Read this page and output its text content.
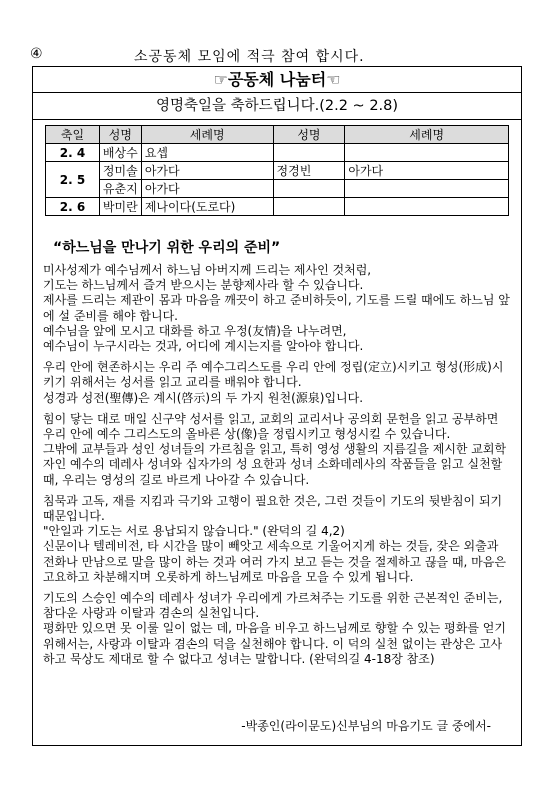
④	소공동체 모임에 적극 참여 합시다.
☞공동체 나눔터☜
영명축일을 축하드립니다.(2.2 ~ 2.8)
축일	성명	세례명	성명	세례명
2. 4	배상수	요셉		
2. 5	정미솔	아가다	정경빈	아가다
	유춘지	아가다		
2. 6	박미란	제나이다(도로다)		
“하느님을 만나기 위한 우리의 준비”

미사성제가 예수님께서 하느님 아버지께 드리는 제사인 것처럼,
기도는 하느님께서 즐겨 받으시는 분향제사라 할 수 있습니다.
제사를 드리는 제관이 몸과 마음을 깨끗이 하고 준비하듯이, 기도를 드릴 때에도 하느님 앞에 설 준비를 해야 합니다.
예수님을 앞에 모시고 대화를 하고 우정(友情)을 나누려면,
예수님이 누구시라는 것과, 어디에 계시는지를 알아야 합니다.

우리 안에 현존하시는 우리 주 예수그리스도를 우리 안에 정립(定立)시키고 형성(形成)시키기 위해서는 성서를 읽고 교리를 배워야 합니다.
성경과 성전(聖傳)은 계시(啓示)의 두 가지 원천(源泉)입니다.

힘이 닿는 대로 매일 신구약 성서를 읽고, 교회의 교리서나 공의회 문헌을 읽고 공부하면 우리 안에 예수 그리스도의 올바른 상(像)을 정립시키고 형성시킬 수 있습니다.
그밖에 교부들과 성인 성녀들의 가르침을 읽고, 특히 영성 생활의 지름길을 제시한 교회학자인 예수의 데레사 성녀와 십자가의 성 요한과 성녀 소화데레사의 작품들을 읽고 실천할 때, 우리는 영성의 길로 바르게 나아갈 수 있습니다.

침묵과 고독, 재를 지킴과 극기와 고행이 필요한 것은, 그런 것들이 기도의 뒷받침이 되기 때문입니다.
"안일과 기도는 서로 용납되지 않습니다." (완덕의 길 4,2)
신문이나 텔레비전, 타 시간을 많이 빼앗고 세속으로 기울어지게 하는 것들, 잦은 외출과 전화나 만남으로 말을 많이 하는 것과 여러 가지 보고 듣는 것을 절제하고 끊을 때, 마음은 고요하고 차분해지며 오롯하게 하느님께로 마음을 모을 수 있게 됩니다.

기도의 스승인 예수의 데레사 성녀가 우리에게 가르쳐주는 기도를 위한 근본적인 준비는, 참다운 사랑과 이탈과 겸손의 실천입니다.
평화만 있으면 못 이룰 일이 없는 데, 마음을 비우고 하느님께로 향할 수 있는 평화를 얻기 위해서는, 사랑과 이탈과 겸손의 덕을 실천해야 합니다. 이 덕의 실천 없이는 관상은 고사하고 묵상도 제대로 할 수 없다고 성녀는 말합니다. (완덕의길 4-18장 참조)

-박종인(라이문도)신부님의 마음기도 글 중에서-
